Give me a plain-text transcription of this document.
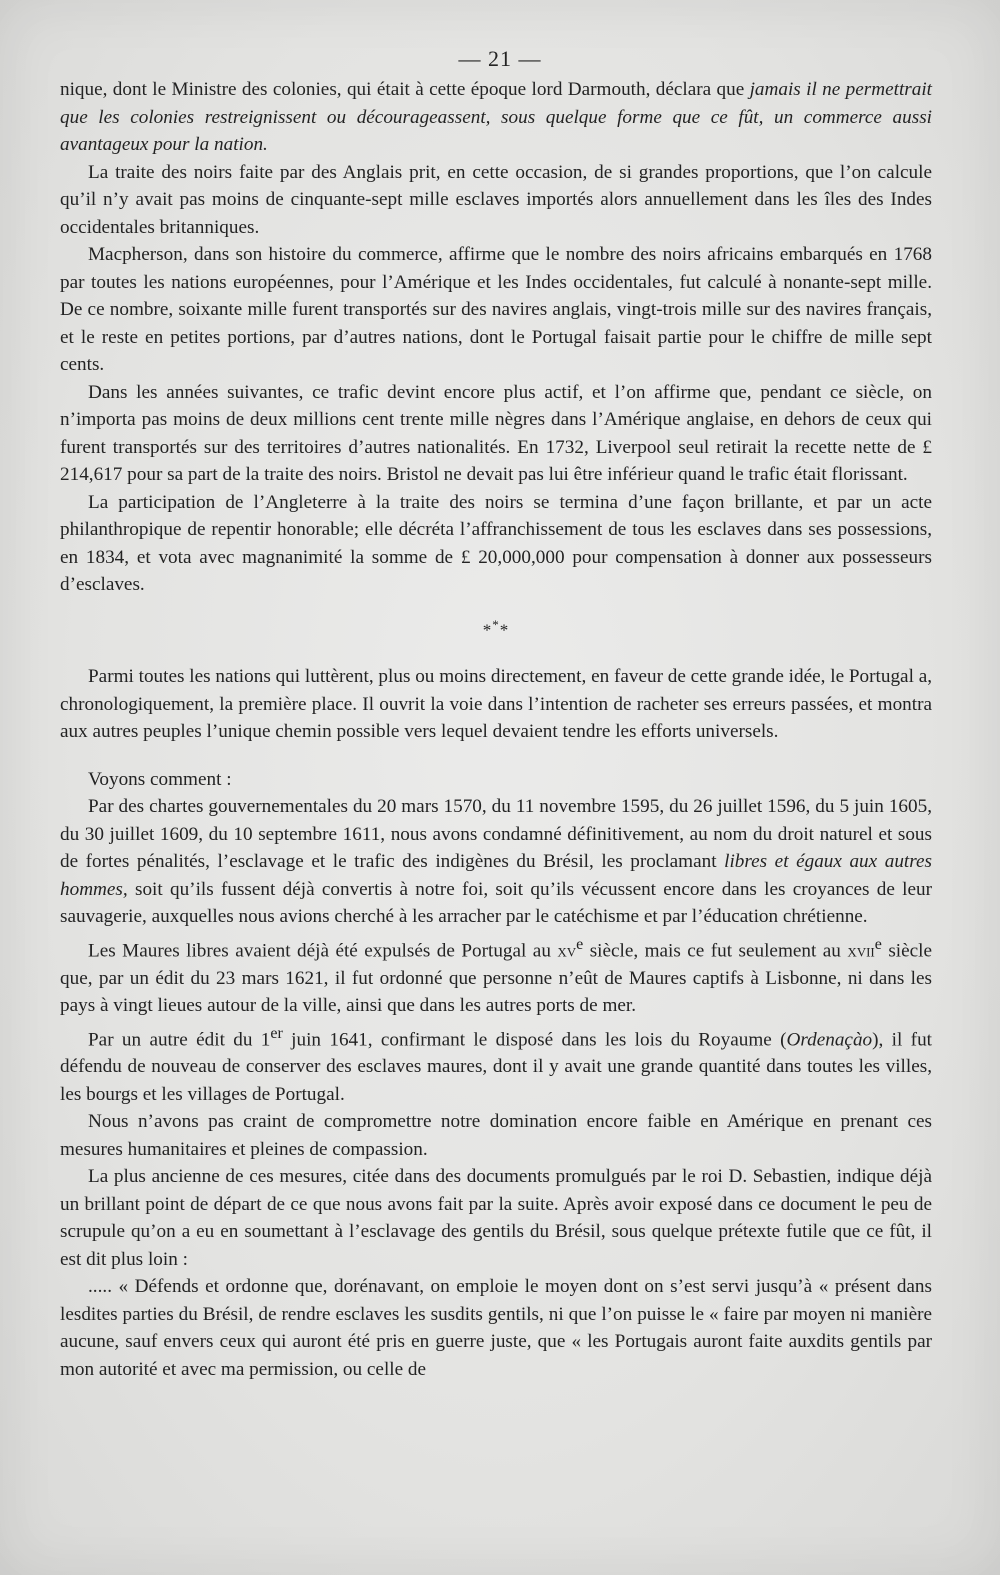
— 21 —

nique, dont le Ministre des colonies, qui était à cette époque lord Darmouth, déclara que jamais il ne permettrait que les colonies restreignissent ou décourageassent, sous quelque forme que ce fût, un commerce aussi avantageux pour la nation.

La traite des noirs faite par des Anglais prit, en cette occasion, de si grandes proportions, que l’on calcule qu’il n’y avait pas moins de cinquante-sept mille esclaves importés alors annuellement dans les îles des Indes occidentales britanniques.

Macpherson, dans son histoire du commerce, affirme que le nombre des noirs africains embarqués en 1768 par toutes les nations européennes, pour l’Amérique et les Indes occidentales, fut calculé à nonante-sept mille. De ce nombre, soixante mille furent transportés sur des navires anglais, vingt-trois mille sur des navires français, et le reste en petites portions, par d’autres nations, dont le Portugal faisait partie pour le chiffre de mille sept cents.

Dans les années suivantes, ce trafic devint encore plus actif, et l’on affirme que, pendant ce siècle, on n’importa pas moins de deux millions cent trente mille nègres dans l’Amérique anglaise, en dehors de ceux qui furent transportés sur des territoires d’autres nationalités. En 1732, Liverpool seul retirait la recette nette de £ 214,617 pour sa part de la traite des noirs. Bristol ne devait pas lui être inférieur quand le trafic était florissant.

La participation de l’Angleterre à la traite des noirs se termina d’une façon brillante, et par un acte philanthropique de repentir honorable; elle décréta l’affranchissement de tous les esclaves dans ses possessions, en 1834, et vota avec magnanimité la somme de £ 20,000,000 pour compensation à donner aux possesseurs d’esclaves.

***

Parmi toutes les nations qui luttèrent, plus ou moins directement, en faveur de cette grande idée, le Portugal a, chronologiquement, la première place. Il ouvrit la voie dans l’intention de racheter ses erreurs passées, et montra aux autres peuples l’unique chemin possible vers lequel devaient tendre les efforts universels.

Voyons comment :

Par des chartes gouvernementales du 20 mars 1570, du 11 novembre 1595, du 26 juillet 1596, du 5 juin 1605, du 30 juillet 1609, du 10 septembre 1611, nous avons condamné définitivement, au nom du droit naturel et sous de fortes pénalités, l’esclavage et le trafic des indigènes du Brésil, les proclamant libres et égaux aux autres hommes, soit qu’ils fussent déjà convertis à notre foi, soit qu’ils vécussent encore dans les croyances de leur sauvagerie, auxquelles nous avions cherché à les arracher par le catéchisme et par l’éducation chrétienne.

Les Maures libres avaient déjà été expulsés de Portugal au $xv^e$ siècle, mais ce fut seulement au xvii$^e$ siècle que, par un édit du 23 mars 1621, il fut ordonné que personne n’eût de Maures captifs à Lisbonne, ni dans les pays à vingt lieues autour de la ville, ainsi que dans les autres ports de mer.

Par un autre édit du 1er juin 1641, confirmant le disposé dans les lois du Royaume (Ordenaçào), il fut défendu de nouveau de conserver des esclaves maures, dont il y avait une grande quantité dans toutes les villes, les bourgs et les villages de Portugal.

Nous n’avons pas craint de compromettre notre domination encore faible en Amérique en prenant ces mesures humanitaires et pleines de compassion.

La plus ancienne de ces mesures, citée dans des documents promulgués par le roi D. Sebastien, indique déjà un brillant point de départ de ce que nous avons fait par la suite. Après avoir exposé dans ce document le peu de scrupule qu’on a eu en soumettant à l’esclavage des gentils du Brésil, sous quelque prétexte futile que ce fût, il est dit plus loin :

..... « Défends et ordonne que, dorénavant, on emploie le moyen dont on s’est servi jusqu’à « présent dans lesdites parties du Brésil, de rendre esclaves les susdits gentils, ni que l’on puisse le « faire par moyen ni manière aucune, sauf envers ceux qui auront été pris en guerre juste, que « les Portugais auront faite auxdits gentils par mon autorité et avec ma permission, ou celle de
